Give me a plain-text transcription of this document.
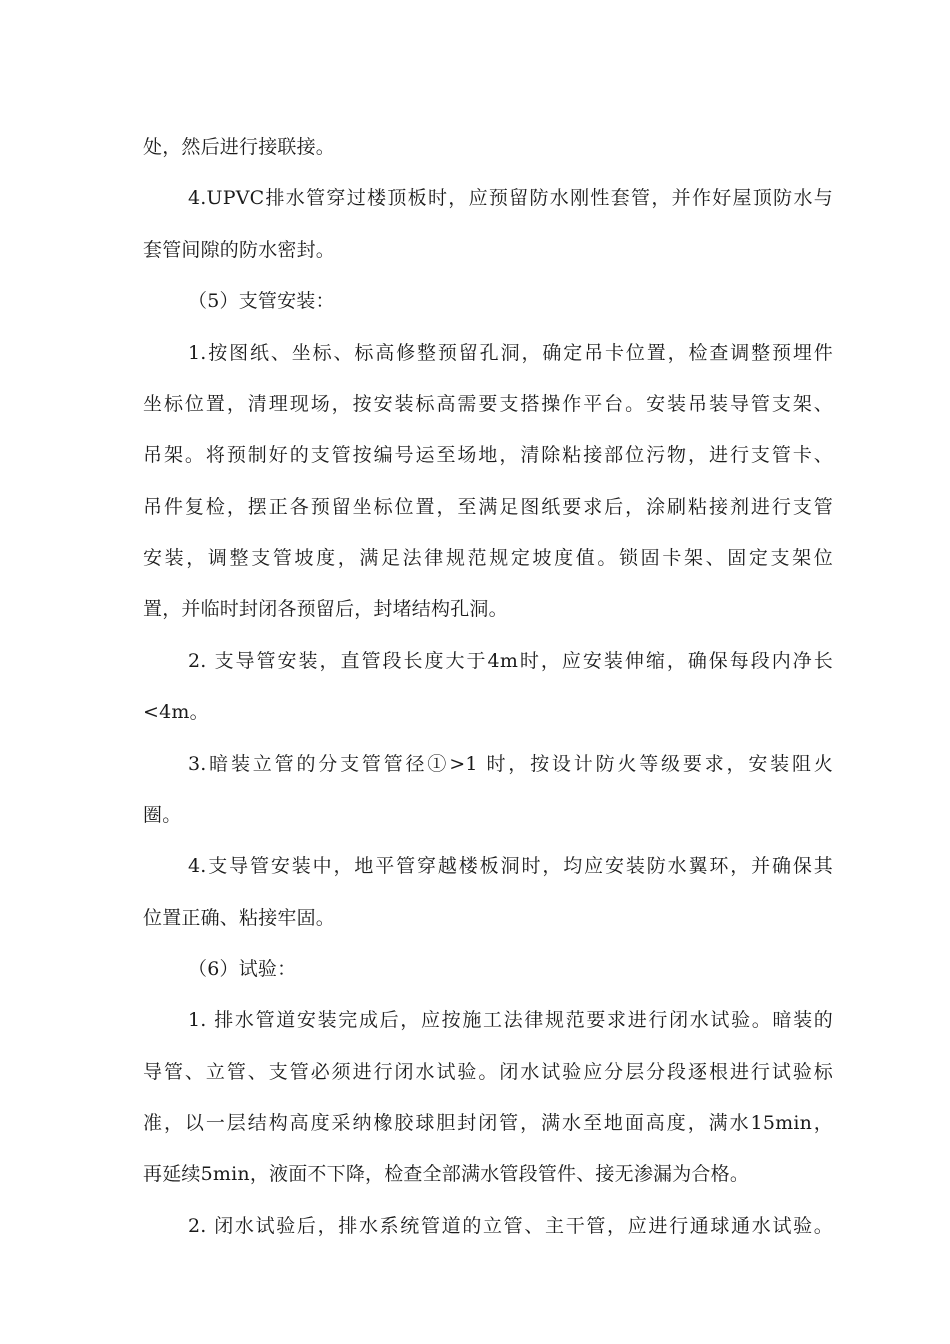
处，然后进行接联接。
4.UPVC排水管穿过楼顶板时，应预留防水刚性套管，并作好屋顶防水与
套管间隙的防水密封。
（5）支管安装：
1.按图纸、坐标、标高修整预留孔洞，确定吊卡位置，检查调整预埋件
坐标位置，清理现场，按安装标高需要支搭操作平台。安装吊装导管支架、
吊架。将预制好的支管按编号运至场地，清除粘接部位污物，进行支管卡、
吊件复检，摆正各预留坐标位置，至满足图纸要求后，涂刷粘接剂进行支管
安装，调整支管坡度，满足法律规范规定坡度值。锁固卡架、固定支架位
置，并临时封闭各预留后，封堵结构孔洞。
2. 支导管安装，直管段长度大于4m时，应安装伸缩，确保每段内净长
<4m。
3.暗装立管的分支管管径①>1 时，按设计防火等级要求，安装阻火
圈。
4.支导管安装中，地平管穿越楼板洞时，均应安装防水翼环，并确保其
位置正确、粘接牢固。
（6）试验：
1. 排水管道安装完成后，应按施工法律规范要求进行闭水试验。暗装的
导管、立管、支管必须进行闭水试验。闭水试验应分层分段逐根进行试验标
准，以一层结构高度采纳橡胶球胆封闭管，满水至地面高度，满水15min，
再延续5min，液面不下降，检查全部满水管段管件、接无渗漏为合格。
2. 闭水试验后，排水系统管道的立管、主干管，应进行通球通水试验。
